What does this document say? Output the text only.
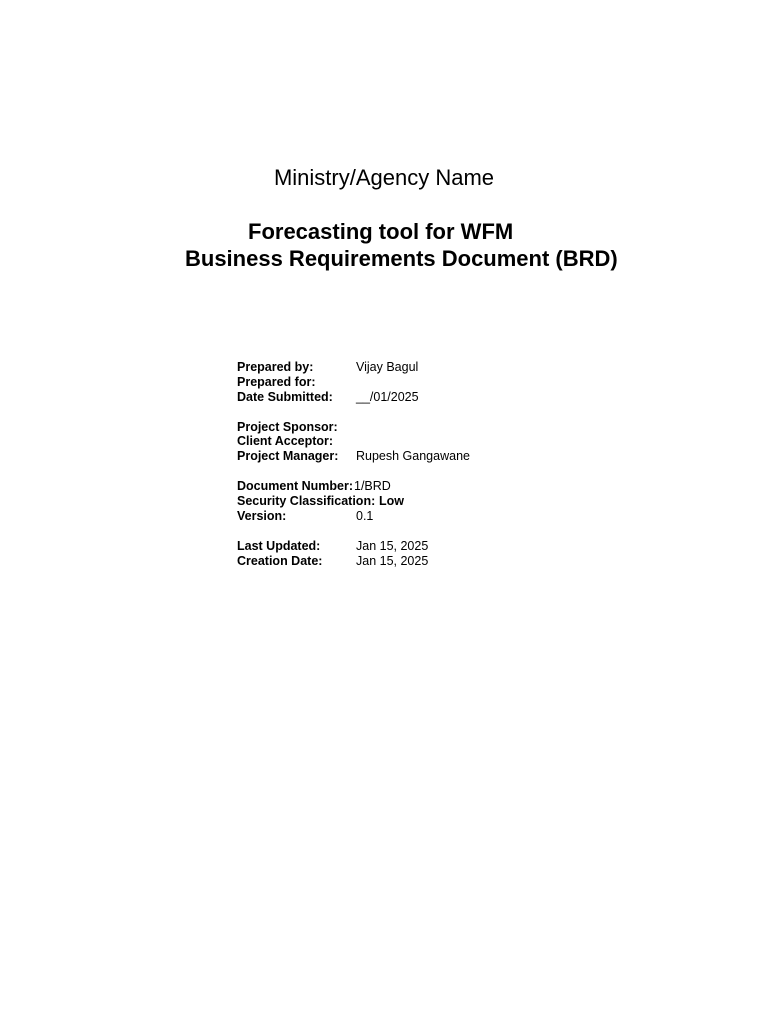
Ministry/Agency Name
Forecasting tool for WFM
Business Requirements Document (BRD)
Prepared by:	Vijay Bagul
Prepared for:
Date Submitted: __/01/2025
Project Sponsor:
Client Acceptor:
Project Manager: Rupesh Gangawane
Document Number: 1/BRD
Security Classification: Low
Version:	0.1
Last Updated:	Jan 15, 2025
Creation Date:	Jan 15, 2025
